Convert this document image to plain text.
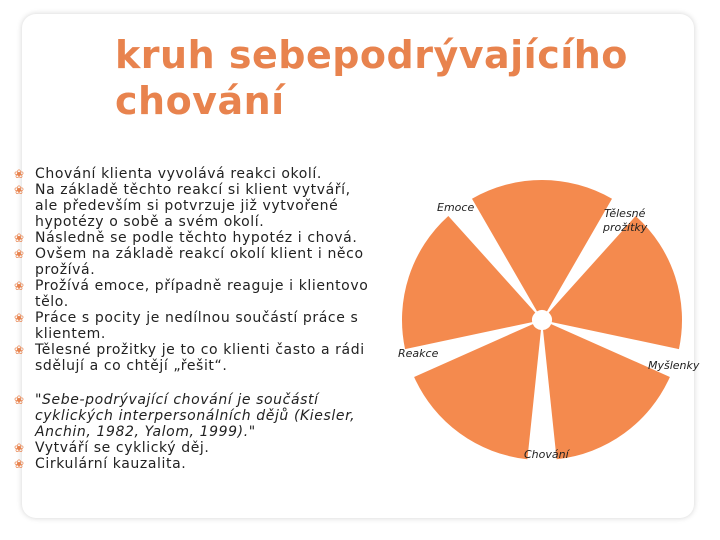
kruh sebepodrývajícího chování
❀ Chování klienta vyvolává reakci okolí.
❀ Na základě těchto reakcí si klient vytváří, ale především si potvrzuje již vytvořené hypotézy o sobě a svém okolí.
❀ Následně se podle těchto hypotéz i chová.
❀ Ovšem na základě reakcí okolí klient i něco prožívá.
❀ Prožívá emoce, případně reaguje i klientovo tělo.
❀ Práce s pocity je nedílnou součástí práce s klientem.
❀ Tělesné prožitky je to co klienti často a rádi sdělují a co chtějí „řešit“.
❀ "Sebe-podrývající chování je součástí cyklických interpersonálních dějů (Kiesler, Anchin, 1982, Yalom, 1999)."
❀ Vytváří se cyklický děj.
❀ Cirkulární kauzalita.
Emoce	Tělesné
prožitky
Reakce
Myšlenky
Chování
